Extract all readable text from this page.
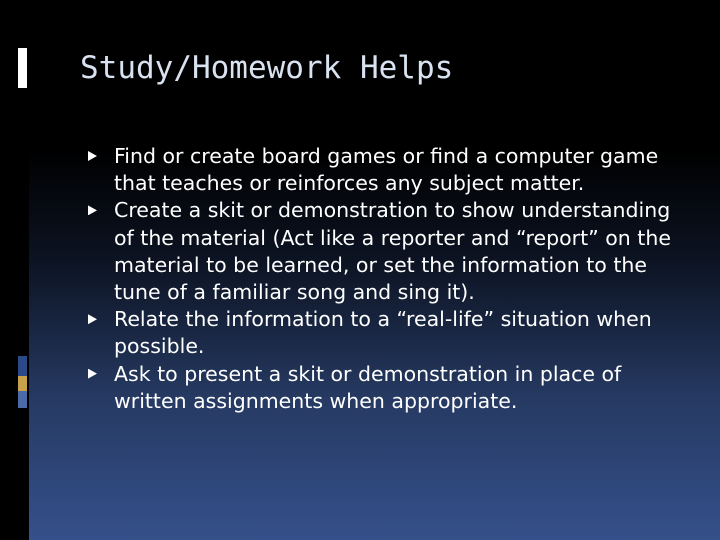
Study/Homework Helps
Find or create board games or find a computer game that teaches or reinforces any subject matter.
Create a skit or demonstration to show understanding of the material (Act like a reporter and “report” on the material to be learned, or set the information to the tune of a familiar song and sing it).
Relate the information to a “real-life” situation when possible.
Ask to present a skit or demonstration in place of written assignments when appropriate.
